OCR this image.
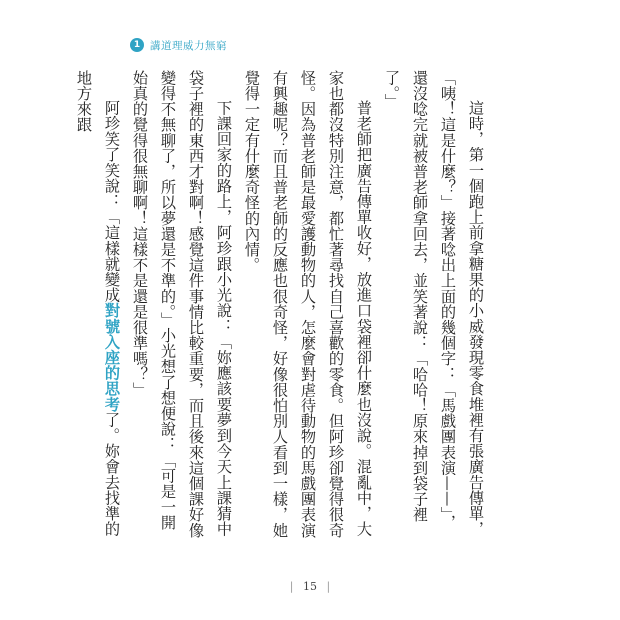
1 講道理威力無窮

這時，第一個跑上前拿糖果的小威發現零食堆裡有張廣告傳單，「咦！這是什麼？」接著唸出上面的幾個字：「馬戲團表演——」，還沒唸完就被普老師拿回去，並笑著說：「哈哈！原來掉到袋子裡了。」

普老師把廣告傳單收好，放進口袋裡卻什麼也沒說。混亂中，大家也都沒特別注意，都忙著尋找自己喜歡的零食。但阿珍卻覺得很奇怪。因為普老師是最愛護動物的人，怎麼會對虐待動物的馬戲團表演有興趣呢？而且普老師的反應也很奇怪，好像很怕別人看到一樣，她覺得一定有什麼奇怪的內情。

下課回家的路上，阿珍跟小光說：「妳應該要夢到今天上課猜中袋子裡的東西才對啊！感覺這件事情比較重要，而且後來這個課好像變得不無聊了，所以夢還是不準的。」小光想了想便說：「可是一開始真的覺得很無聊啊！這樣不是還是很準嗎？」

阿珍笑了笑說：「這樣就變成對號入座的思考了。妳會去找準的地方來跟

| 15 |
